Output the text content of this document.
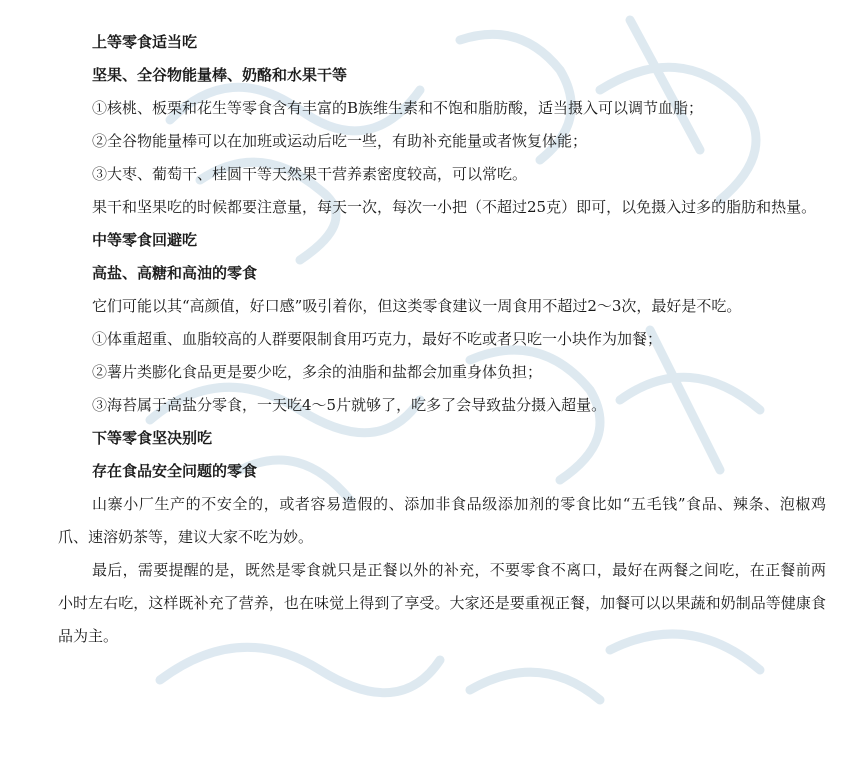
上等零食适当吃

坚果、全谷物能量棒、奶酪和水果干等

①核桃、板栗和花生等零食含有丰富的B族维生素和不饱和脂肪酸，适当摄入可以调节血脂；

②全谷物能量棒可以在加班或运动后吃一些，有助补充能量或者恢复体能；

③大枣、葡萄干、桂圆干等天然果干营养素密度较高，可以常吃。

果干和坚果吃的时候都要注意量，每天一次，每次一小把（不超过25克）即可，以免摄入过多的脂肪和热量。

中等零食回避吃

高盐、高糖和高油的零食

它们可能以其“高颜值，好口感”吸引着你，但这类零食建议一周食用不超过2～3次，最好是不吃。

①体重超重、血脂较高的人群要限制食用巧克力，最好不吃或者只吃一小块作为加餐；

②薯片类膨化食品更是要少吃，多余的油脂和盐都会加重身体负担；

③海苔属于高盐分零食，一天吃4～5片就够了，吃多了会导致盐分摄入超量。

下等零食坚决别吃

存在食品安全问题的零食

山寨小厂生产的不安全的，或者容易造假的、添加非食品级添加剂的零食比如“五毛钱”食品、辣条、泡椒鸡爪、速溶奶茶等，建议大家不吃为妙。

最后，需要提醒的是，既然是零食就只是正餐以外的补充，不要零食不离口，最好在两餐之间吃，在正餐前两小时左右吃，这样既补充了营养，也在味觉上得到了享受。大家还是要重视正餐，加餐可以以果蔬和奶制品等健康食品为主。
